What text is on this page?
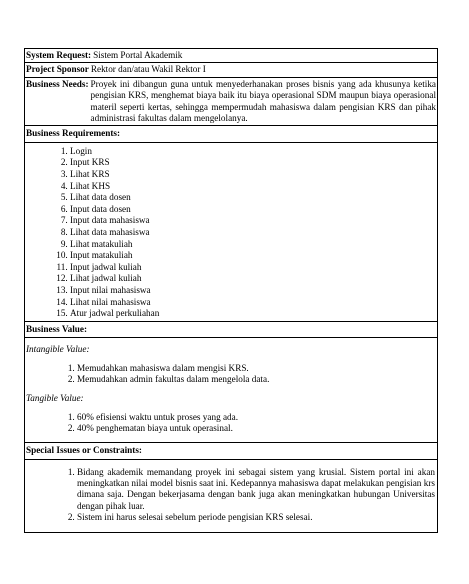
System Request: Sistem Portal Akademik
Project Sponsor Rektor dan/atau Wakil Rektor I
Business Needs: Proyek ini dibangun guna untuk menyederhanakan proses bisnis yang ada khusunya ketika pengisian KRS, menghemat biaya baik itu biaya operasional SDM maupun biaya operasional materil seperti kertas, sehingga mempermudah mahasiswa dalam pengisian KRS dan pihak administrasi fakultas dalam mengelolanya.
Business Requirements:
1. Login
2. Input KRS
3. Lihat KRS
4. Lihat KHS
5. Lihat data dosen
6. Input data dosen
7. Input data mahasiswa
8. Lihat data mahasiswa
9. Lihat matakuliah
10. Input matakuliah
11. Input jadwal kuliah
12. Lihat jadwal kuliah
13. Input nilai mahasiswa
14. Lihat nilai mahasiswa
15. Atur jadwal perkuliahan
Business Value:
Intangible Value:
1. Memudahkan mahasiswa dalam mengisi KRS.
2. Memudahkan admin fakultas dalam mengelola data.
Tangible Value:
1. 60% efisiensi waktu untuk proses yang ada.
2. 40% penghematan biaya untuk operasinal.
Special Issues or Constraints:
1. Bidang akademik memandang proyek ini sebagai sistem yang krusial. Sistem portal ini akan meningkatkan nilai model bisnis saat ini. Kedepannya mahasiswa dapat melakukan pengisian krs dimana saja. Dengan bekerjasama dengan bank juga akan meningkatkan hubungan Universitas dengan pihak luar.
2. Sistem ini harus selesai sebelum periode pengisian KRS selesai.
